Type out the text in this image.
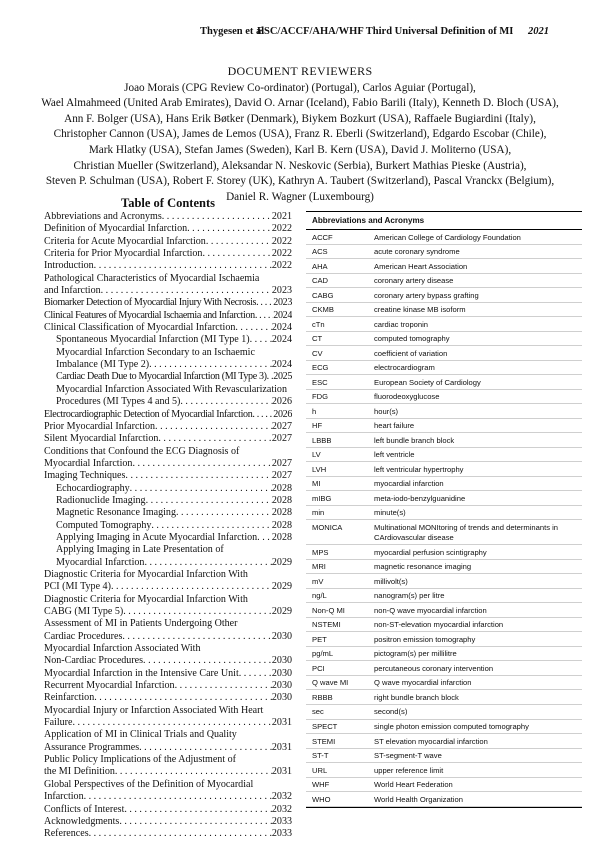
Thygesen et al
ESC/ACCF/AHA/WHF Third Universal Definition of MI 2021
DOCUMENT REVIEWERS
Joao Morais (CPG Review Co-ordinator) (Portugal), Carlos Aguiar (Portugal),
Wael Almahmeed (United Arab Emirates), David O. Arnar (Iceland), Fabio Barili (Italy), Kenneth D. Bloch (USA),
Ann F. Bolger (USA), Hans Erik Bøtker (Denmark), Biykem Bozkurt (USA), Raffaele Bugiardini (Italy),
Christopher Cannon (USA), James de Lemos (USA), Franz R. Eberli (Switzerland), Edgardo Escobar (Chile),
Mark Hlatky (USA), Stefan James (Sweden), Karl B. Kern (USA), David J. Moliterno (USA),
Christian Mueller (Switzerland), Aleksandar N. Neskovic (Serbia), Burkert Mathias Pieske (Austria),
Steven P. Schulman (USA), Robert F. Storey (UK), Kathryn A. Taubert (Switzerland), Pascal Vranckx (Belgium),
Daniel R. Wagner (Luxembourg)
Table of Contents
Abbreviations and Acronyms . . .	2021
Definition of Myocardial Infarction . . .	2022
Criteria for Acute Myocardial Infarction . . .	2022
Criteria for Prior Myocardial Infarction . . .	2022
Introduction . . .	2022
Pathological Characteristics of Myocardial Ischaemia
and Infarction . . .	2023
Biomarker Detection of Myocardial Injury With Necrosis . . . 2023
Clinical Features of Myocardial Ischaemia and Infarction . . . 2024
Clinical Classification of Myocardial Infarction . . .	2024
Spontaneous Myocardial Infarction (MI Type 1) . . . 2024
Myocardial Infarction Secondary to an Ischaemic
Imbalance (MI Type 2) . . .	2024
Cardiac Death Due to Myocardial Infarction (MI Type 3) . . . 2025
Myocardial Infarction Associated With Revascularization
Procedures (MI Types 4 and 5) . . .	2026
Electrocardiographic Detection of Myocardial Infarction . . . 2026
Prior Myocardial Infarction . . .	2027
Silent Myocardial Infarction . . .	2027
Conditions that Confound the ECG Diagnosis of
Myocardial Infarction . . .	2027
Imaging Techniques . . .	2027
Echocardiography . . .	2028
Radionuclide Imaging . . .	2028
Magnetic Resonance Imaging . . .	2028
Computed Tomography . . .	2028
Applying Imaging in Acute Myocardial Infarction . . . 2028
Applying Imaging in Late Presentation of
Myocardial Infarction . . .	2029
Diagnostic Criteria for Myocardial Infarction With
PCI (MI Type 4) . . .	2029
Diagnostic Criteria for Myocardial Infarction With
CABG (MI Type 5) . . .	2029
Assessment of MI in Patients Undergoing Other
Cardiac Procedures . . .	2030
Myocardial Infarction Associated With
Non-Cardiac Procedures . . .	2030
Myocardial Infarction in the Intensive Care Unit . . .	2030
Recurrent Myocardial Infarction . . .	2030
Reinfarction . . .	2030
Myocardial Injury or Infarction Associated With Heart
Failure . . .	2031
Application of MI in Clinical Trials and Quality
Assurance Programmes . . .	2031
Public Policy Implications of the Adjustment of
the MI Definition . . .	2031
Global Perspectives of the Definition of Myocardial
Infarction . . .	2032
Conflicts of Interest . . .	2032
Acknowledgments . . .	2033
References . . .	2033
Abbreviations and Acronyms
ACCF	American College of Cardiology Foundation
ACS	acute coronary syndrome
AHA	American Heart Association
CAD	coronary artery disease
CABG	coronary artery bypass grafting
CKMB	creatine kinase MB isoform
cTn	cardiac troponin
CT	computed tomography
CV	coefficient of variation
ECG	electrocardiogram
ESC	European Society of Cardiology
FDG	fluorodeoxyglucose
h	hour(s)
HF	heart failure
LBBB	left bundle branch block
LV	left ventricle
LVH	left ventricular hypertrophy
MI	myocardial infarction
mIBG	meta-iodo-benzylguanidine
min	minute(s)
MONICA	Multinational MONItoring of trends and determinants in CArdiovascular disease
MPS	myocardial perfusion scintigraphy
MRI	magnetic resonance imaging
mV	millivolt(s)
ng/L	nanogram(s) per litre
Non-Q MI	non-Q wave myocardial infarction
NSTEMI	non-ST-elevation myocardial infarction
PET	positron emission tomography
pg/mL	pictogram(s) per millilitre
PCI	percutaneous coronary intervention
Q wave MI	Q wave myocardial infarction
RBBB	right bundle branch block
sec	second(s)
SPECT	single photon emission computed tomography
STEMI	ST elevation myocardial infarction
ST-T	ST-segment-T wave
URL	upper reference limit
WHF	World Heart Federation
WHO	World Health Organization
